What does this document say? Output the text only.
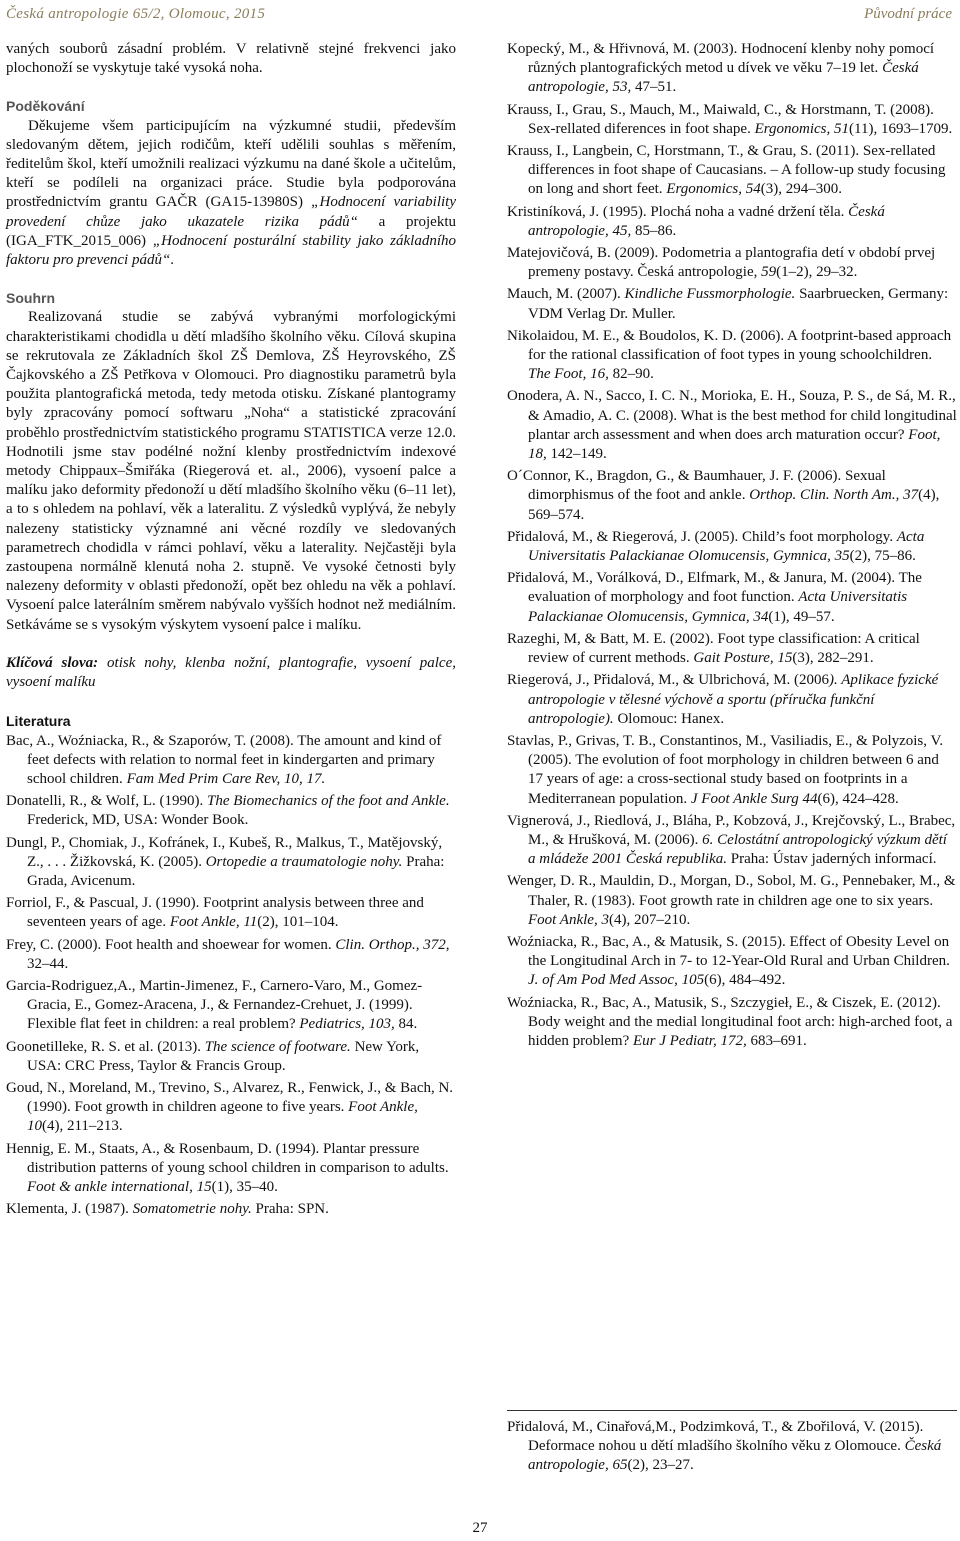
Česká antropologie 65/2, Olomouc, 2015	Původní práce

vaných souborů zásadní problém. V relativně stejné frekvenci jako plochonoží se vyskytuje také vysoká noha.

Poděkování

Děkujeme všem participujícím na výzkumné studii, především sledovaným dětem, jejich rodičům, kteří udělili souhlas s měřením, ředitelům škol, kteří umožnili realizaci výzkumu na dané škole a učitelům, kteří se podíleli na organizaci práce. Studie byla podporována prostřednictvím grantu GAČR (GA15-13980S) „Hodnocení variability provedení chůze jako ukazatele rizika pádů“ a projektu (IGA_FTK_2015_006) „Hodnocení posturální stability jako základního faktoru pro prevenci pádů“.

Souhrn

Realizovaná studie se zabývá vybranými morfologickými charakteristikami chodidla u dětí mladšího školního věku. Cílová skupina se rekrutovala ze Základních škol ZŠ Demlova, ZŠ Heyrovského, ZŠ Čajkovského a ZŠ Petřkova v Olomouci. Pro diagnostiku parametrů byla použita plantografická metoda, tedy metoda otisku. Získané plantogramy byly zpracovány pomocí softwaru „Noha“ a statistické zpracování proběhlo prostřednictvím statistického programu STATISTICA verze 12.0. Hodnotili jsme stav podélné nožní klenby prostřednictvím indexové metody Chippaux–Šmiřáka (Riegerová et. al., 2006), vysoení palce a malíku jako deformity předonoží u dětí mladšího školního věku (6–11 let), a to s ohledem na pohlaví, věk a lateralitu. Z výsledků vyplývá, že nebyly nalezeny statisticky významné ani věcné rozdíly ve sledovaných parametrech chodidla v rámci pohlaví, věku a laterality. Nejčastěji byla zastoupena normálně klenutá noha 2. stupně. Ve vysoké četnosti byly nalezeny deformity v oblasti předonoží, opět bez ohledu na věk a pohlaví. Vysoení palce laterálním směrem nabývalo vyšších hodnot než mediálním. Setkáváme se s vysokým výskytem vysoení palce i malíku.

Klíčová slova: otisk nohy, klenba nožní, plantografie, vysoení palce, vysoení malíku

Literatura

Bac, A., Woźniacka, R., & Szaporów, T. (2008). The amount and kind of feet defects with relation to normal feet in kindergarten and primary school children. Fam Med Prim Care Rev, 10, 17.

Donatelli, R., & Wolf, L. (1990). The Biomechanics of the foot and Ankle. Frederick, MD, USA: Wonder Book.

Dungl, P., Chomiak, J., Kofránek, I., Kubeš, R., Malkus, T., Matějovský, Z., . . . Žižkovská, K. (2005). Ortopedie a traumatologie nohy. Praha: Grada, Avicenum.

Forriol, F., & Pascual, J. (1990). Footprint analysis between three and seventeen years of age. Foot Ankle, 11(2), 101–104.

Frey, C. (2000). Foot health and shoewear for women. Clin. Orthop., 372, 32–44.

Garcia-Rodriguez,A., Martin-Jimenez, F., Carnero-Varo, M., Gomez-Gracia, E., Gomez-Aracena, J., & Fernandez-Crehuet, J. (1999). Flexible flat feet in children: a real problem? Pediatrics, 103, 84.

Goonetilleke, R. S. et al. (2013). The science of footware. New York, USA: CRC Press, Taylor & Francis Group.

Goud, N., Moreland, M., Trevino, S., Alvarez, R., Fenwick, J., & Bach, N. (1990). Foot growth in children ageone to five years. Foot Ankle, 10(4), 211–213.

Hennig, E. M., Staats, A., & Rosenbaum, D. (1994). Plantar pressure distribution patterns of young school children in comparison to adults. Foot & ankle international, 15(1), 35–40.

Klementa, J. (1987). Somatometrie nohy. Praha: SPN.

Kopecký, M., & Hřivnová, M. (2003). Hodnocení klenby nohy pomocí různých plantografických metod u dívek ve věku 7–19 let. Česká antropologie, 53, 47–51.

Krauss, I., Grau, S., Mauch, M., Maiwald, C., & Horstmann, T. (2008). Sex-rellated diferences in foot shape. Ergonomics, 51(11), 1693–1709.

Krauss, I., Langbein, C, Horstmann, T., & Grau, S. (2011). Sex-rellated differences in foot shape of Caucasians. – A follow-up study focusing on long and short feet. Ergonomics, 54(3), 294–300.

Kristiníková, J. (1995). Plochá noha a vadné držení těla. Česká antropologie, 45, 85–86.

Matejovičová, B. (2009). Podometria a plantografia detí v období prvej premeny postavy. Česká antropologie, 59(1–2), 29–32.

Mauch, M. (2007). Kindliche Fussmorphologie. Saarbruecken, Germany: VDM Verlag Dr. Muller.

Nikolaidou, M. E., & Boudolos, K. D. (2006). A footprint-based approach for the rational classification of foot types in young schoolchildren. The Foot, 16, 82–90.

Onodera, A. N., Sacco, I. C. N., Morioka, E. H., Souza, P. S., de Sá, M. R., & Amadio, A. C. (2008). What is the best method for child longitudinal plantar arch assessment and when does arch maturation occur? Foot, 18, 142–149.

O´Connor, K., Bragdon, G., & Baumhauer, J. F. (2006). Sexual dimorphismus of the foot and ankle. Orthop. Clin. North Am., 37(4), 569–574.

Přidalová, M., & Riegerová, J. (2005). Child’s foot morphology. Acta Universitatis Palackianae Olomucensis, Gymnica, 35(2), 75–86.

Přidalová, M., Vorálková, D., Elfmark, M., & Janura, M. (2004). The evaluation of morphology and foot function. Acta Universitatis Palackianae Olomucensis, Gymnica, 34(1), 49–57.

Razeghi, M, & Batt, M. E. (2002). Foot type classification: A critical review of current methods. Gait Posture, 15(3), 282–291.

Riegerová, J., Přidalová, M., & Ulbrichová, M. (2006). Aplikace fyzické antropologie v tělesné výchově a sportu (příručka funkční antropologie). Olomouc: Hanex.

Stavlas, P., Grivas, T. B., Constantinos, M., Vasiliadis, E., & Polyzois, V. (2005). The evolution of foot morphology in children between 6 and 17 years of age: a cross-sectional study based on footprints in a Mediterranean population. J Foot Ankle Surg 44(6), 424–428.

Vignerová, J., Riedlová, J., Bláha, P., Kobzová, J., Krejčovský, L., Brabec, M., & Hrušková, M. (2006). 6. Celostátní antropologický výzkum dětí a mládeže 2001 Česká republika. Praha: Ústav jaderných informací.

Wenger, D. R., Mauldin, D., Morgan, D., Sobol, M. G., Pennebaker, M., & Thaler, R. (1983). Foot growth rate in children age one to six years. Foot Ankle, 3(4), 207–210.

Woźniacka, R., Bac, A., & Matusik, S. (2015). Effect of Obesity Level on the Longitudinal Arch in 7- to 12-Year-Old Rural and Urban Children. J. of Am Pod Med Assoc, 105(6), 484–492.

Woźniacka, R., Bac, A., Matusik, S., Szczygieł, E., & Ciszek, E. (2012). Body weight and the medial longitudinal foot arch: high-arched foot, a hidden problem? Eur J Pediatr, 172, 683–691.

Přidalová, M., Cinařová,M., Podzimková, T., & Zbořilová, V. (2015). Deformace nohou u dětí mladšího školního věku z Olomouce. Česká antropologie, 65(2), 23–27.

27
